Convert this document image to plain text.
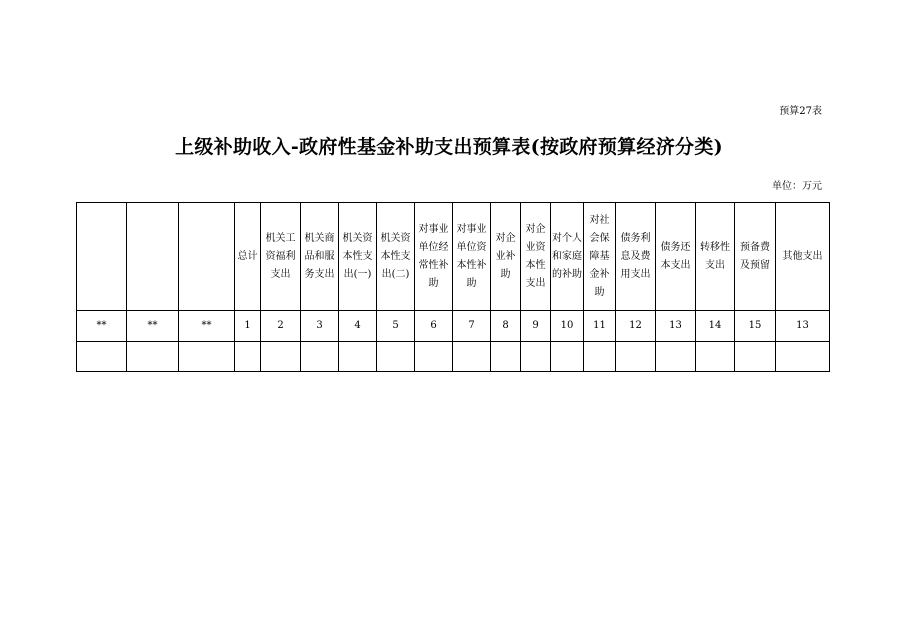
预算27表
上级补助收入-政府性基金补助支出预算表(按政府预算经济分类)
单位：万元
			总计	机关工资福利支出	机关商品和服务支出	机关资本性支出(一)	机关资本性支出(二)	对事业单位经常性补助	对事业单位资本性补助	对企业补助	对企业资本性支出	对个人和家庭的补助	对社会保障基金补助	债务利息及费用支出	债务还本支出	转移性支出	预备费及预留	其他支出
**	**	**	1	2	3	4	5	6	7	8	9	10	11	12	13	14	15	13
